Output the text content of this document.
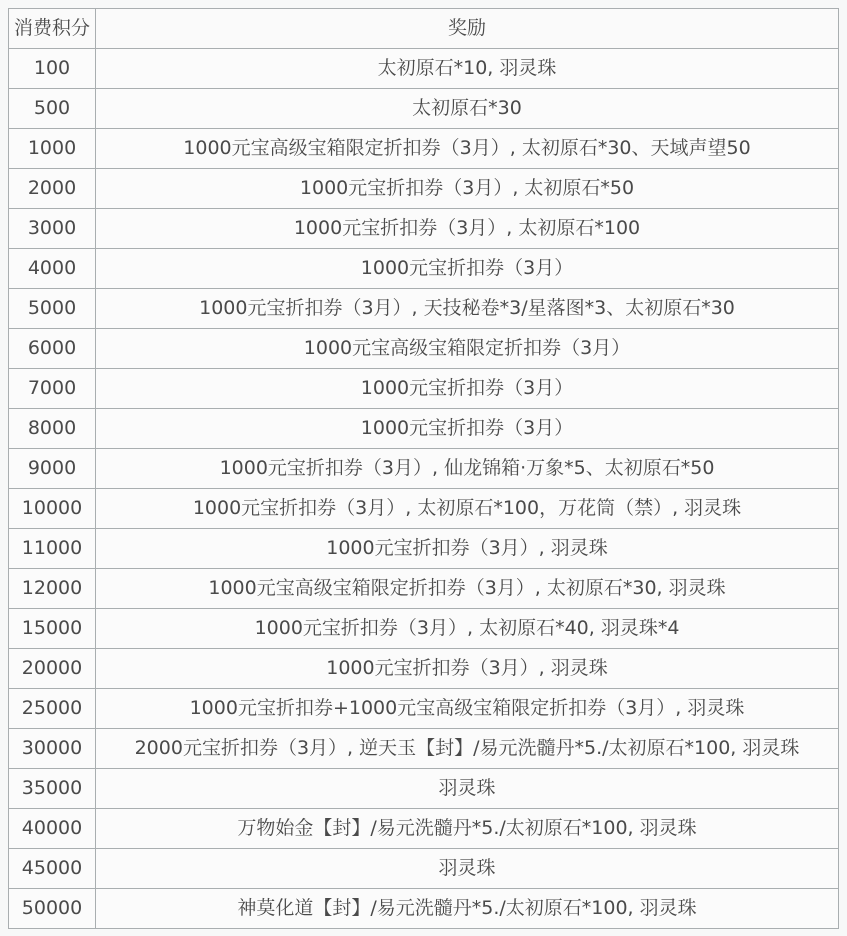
消费积分	奖励
100	太初原石*10, 羽灵珠
500	太初原石*30
1000	1000元宝高级宝箱限定折扣券（3月）, 太初原石*30、天域声望50
2000	1000元宝折扣券（3月）, 太初原石*50
3000	1000元宝折扣券（3月）, 太初原石*100
4000	1000元宝折扣券（3月）
5000	1000元宝折扣券（3月）, 天技秘卷*3/星落图*3、太初原石*30
6000	1000元宝高级宝箱限定折扣券（3月）
7000	1000元宝折扣券（3月）
8000	1000元宝折扣券（3月）
9000	1000元宝折扣券（3月）, 仙龙锦箱·万象*5、太初原石*50
10000	1000元宝折扣券（3月）, 太初原石*100，万花筒（禁）, 羽灵珠
11000	1000元宝折扣券（3月）, 羽灵珠
12000	1000元宝高级宝箱限定折扣券（3月）, 太初原石*30, 羽灵珠
15000	1000元宝折扣券（3月）, 太初原石*40, 羽灵珠*4
20000	1000元宝折扣券（3月）, 羽灵珠
25000	1000元宝折扣券+1000元宝高级宝箱限定折扣券（3月）, 羽灵珠
30000	2000元宝折扣券（3月）, 逆天玉【封】/易元洗髓丹*5./太初原石*100, 羽灵珠
35000	羽灵珠
40000	万物始金【封】/易元洗髓丹*5./太初原石*100, 羽灵珠
45000	羽灵珠
50000	神莫化道【封】/易元洗髓丹*5./太初原石*100, 羽灵珠
